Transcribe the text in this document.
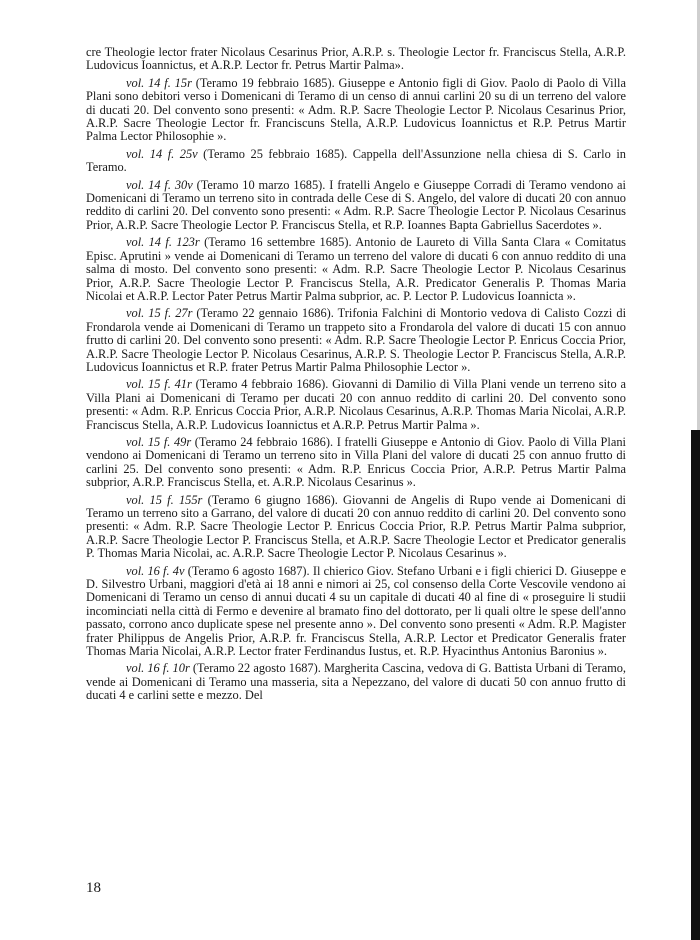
cre Theologie lector frater Nicolaus Cesarinus Prior, A.R.P. s. Theologie Lector fr. Franciscus Stella, A.R.P. Ludovicus Ioannictus, et A.R.P. Lector fr. Petrus Martir Palma».

vol. 14 f. 15r (Teramo 19 febbraio 1685). Giuseppe e Antonio figli di Giov. Paolo di Paolo di Villa Plani sono debitori verso i Domenicani di Teramo di un censo di annui carlini 20 su di un terreno del valore di ducati 20. Del convento sono presenti: « Adm. R.P. Sacre Theologie Lector P. Nicolaus Cesarinus Prior, A.R.P. Sacre Theologie Lector fr. Franciscuns Stella, A.R.P. Ludovicus Ioannictus et R.P. Petrus Martir Palma Lector Philosophie ».

vol. 14 f. 25v (Teramo 25 febbraio 1685). Cappella dell'Assunzione nella chiesa di S. Carlo in Teramo.

vol. 14 f. 30v (Teramo 10 marzo 1685). I fratelli Angelo e Giuseppe Corradi di Teramo vendono ai Domenicani di Teramo un terreno sito in contrada delle Cese di S. Angelo, del valore di ducati 20 con annuo reddito di carlini 20. Del convento sono presenti: « Adm. R.P. Sacre Theologie Lector P. Nicolaus Cesarinus Prior, A.R.P. Sacre Theologie Lector P. Franciscus Stella, et R.P. Ioannes Bapta Gabriellus Sacerdotes ».

vol. 14 f. 123r (Teramo 16 settembre 1685). Antonio de Laureto di Villa Santa Clara « Comitatus Episc. Aprutini » vende ai Domenicani di Teramo un terreno del valore di ducati 6 con annuo reddito di una salma di mosto. Del convento sono presenti: « Adm. R.P. Sacre Theologie Lector P. Nicolaus Cesarinus Prior, A.R.P. Sacre Theologie Lector P. Franciscus Stella, A.R. Predicator Generalis P. Thomas Maria Nicolai et A.R.P. Lector Pater Petrus Martir Palma subprior, ac. P. Lector P. Ludovicus Ioannicta ».

vol. 15 f. 27r (Teramo 22 gennaio 1686). Trifonia Falchini di Montorio vedova di Calisto Cozzi di Frondarola vende ai Domenicani di Teramo un trappeto sito a Frondarola del valore di ducati 15 con annuo frutto di carlini 20. Del convento sono presenti: « Adm. R.P. Sacre Theologie Lector P. Enricus Coccia Prior, A.R.P. Sacre Theologie Lector P. Nicolaus Cesarinus, A.R.P. S. Theologie Lector P. Franciscus Stella, A.R.P. Ludovicus Ioannictus et R.P. frater Petrus Martir Palma Philosophie Lector ».

vol. 15 f. 41r (Teramo 4 febbraio 1686). Giovanni di Damilio di Villa Plani vende un terreno sito a Villa Plani ai Domenicani di Teramo per ducati 20 con annuo reddito di carlini 20. Del convento sono presenti: « Adm. R.P. Enricus Coccia Prior, A.R.P. Nicolaus Cesarinus, A.R.P. Thomas Maria Nicolai, A.R.P. Franciscus Stella, A.R.P. Ludovicus Ioannictus et A.R.P. Petrus Martir Palma ».

vol. 15 f. 49r (Teramo 24 febbraio 1686). I fratelli Giuseppe e Antonio di Giov. Paolo di Villa Plani vendono ai Domenicani di Teramo un terreno sito in Villa Plani del valore di ducati 25 con annuo frutto di carlini 25. Del convento sono presenti: « Adm. R.P. Enricus Coccia Prior, A.R.P. Petrus Martir Palma subprior, A.R.P. Franciscus Stella, et. A.R.P. Nicolaus Cesarinus ».

vol. 15 f. 155r (Teramo 6 giugno 1686). Giovanni de Angelis di Rupo vende ai Domenicani di Teramo un terreno sito a Garrano, del valore di ducati 20 con annuo reddito di carlini 20. Del convento sono presenti: « Adm. R.P. Sacre Theologie Lector P. Enricus Coccia Prior, R.P. Petrus Martir Palma subprior, A.R.P. Sacre Theologie Lector P. Franciscus Stella, et A.R.P. Sacre Theologie Lector et Predicator generalis P. Thomas Maria Nicolai, ac. A.R.P. Sacre Theologie Lector P. Nicolaus Cesarinus ».

vol. 16 f. 4v (Teramo 6 agosto 1687). Il chierico Giov. Stefano Urbani e i figli chierici D. Giuseppe e D. Silvestro Urbani, maggiori d'età ai 18 anni e nimori ai 25, col consenso della Corte Vescovile vendono ai Domenicani di Teramo un censo di annui ducati 4 su un capitale di ducati 40 al fine di « proseguire li studii incominciati nella città di Fermo e devenire al bramato fino del dottorato, per li quali oltre le spese dell'anno passato, corrono anco duplicate spese nel presente anno ». Del convento sono presenti « Adm. R.P. Magister frater Philippus de Angelis Prior, A.R.P. fr. Franciscus Stella, A.R.P. Lector et Predicator Generalis frater Thomas Maria Nicolai, A.R.P. Lector frater Ferdinandus Iustus, et. R.P. Hyacinthus Antonius Baronius ».

vol. 16 f. 10r (Teramo 22 agosto 1687). Margherita Cascina, vedova di G. Battista Urbani di Teramo, vende ai Domenicani di Teramo una masseria, sita a Nepezzano, del valore di ducati 50 con annuo frutto di ducati 4 e carlini sette e mezzo. Del

18
